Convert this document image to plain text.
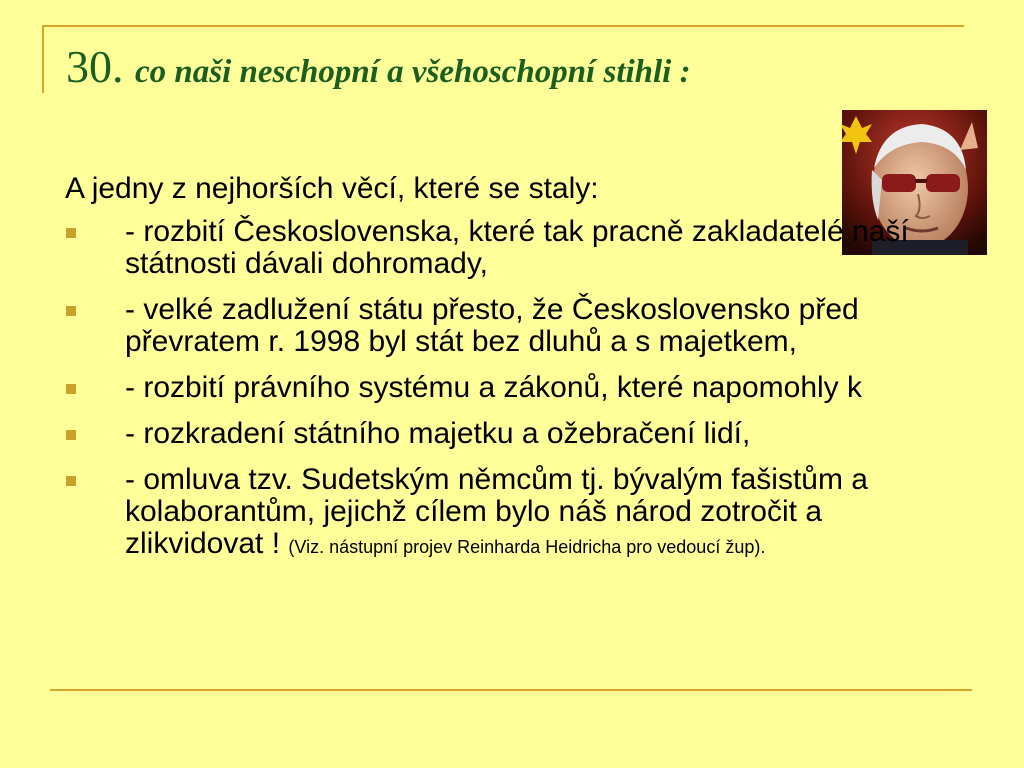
30. co naši neschopní a všehoschopní stihli :

A jedny z nejhorších věcí, které se staly:

- rozbití Československa, které tak pracně zakladatelé naší státnosti dávali dohromady,
- velké zadlužení státu přesto, že Československo před převratem r. 1998 byl stát bez dluhů a s majetkem,
- rozbití právního systému a zákonů, které napomohly k
- rozkradení státního majetku a ožebračení lidí,
- omluva tzv. Sudetským němcům tj. bývalým fašistům a kolaborantům, jejichž cílem bylo náš národ zotročit a zlikvidovat ! (Viz. nástupní projev Reinharda Heidricha pro vedoucí žup).
